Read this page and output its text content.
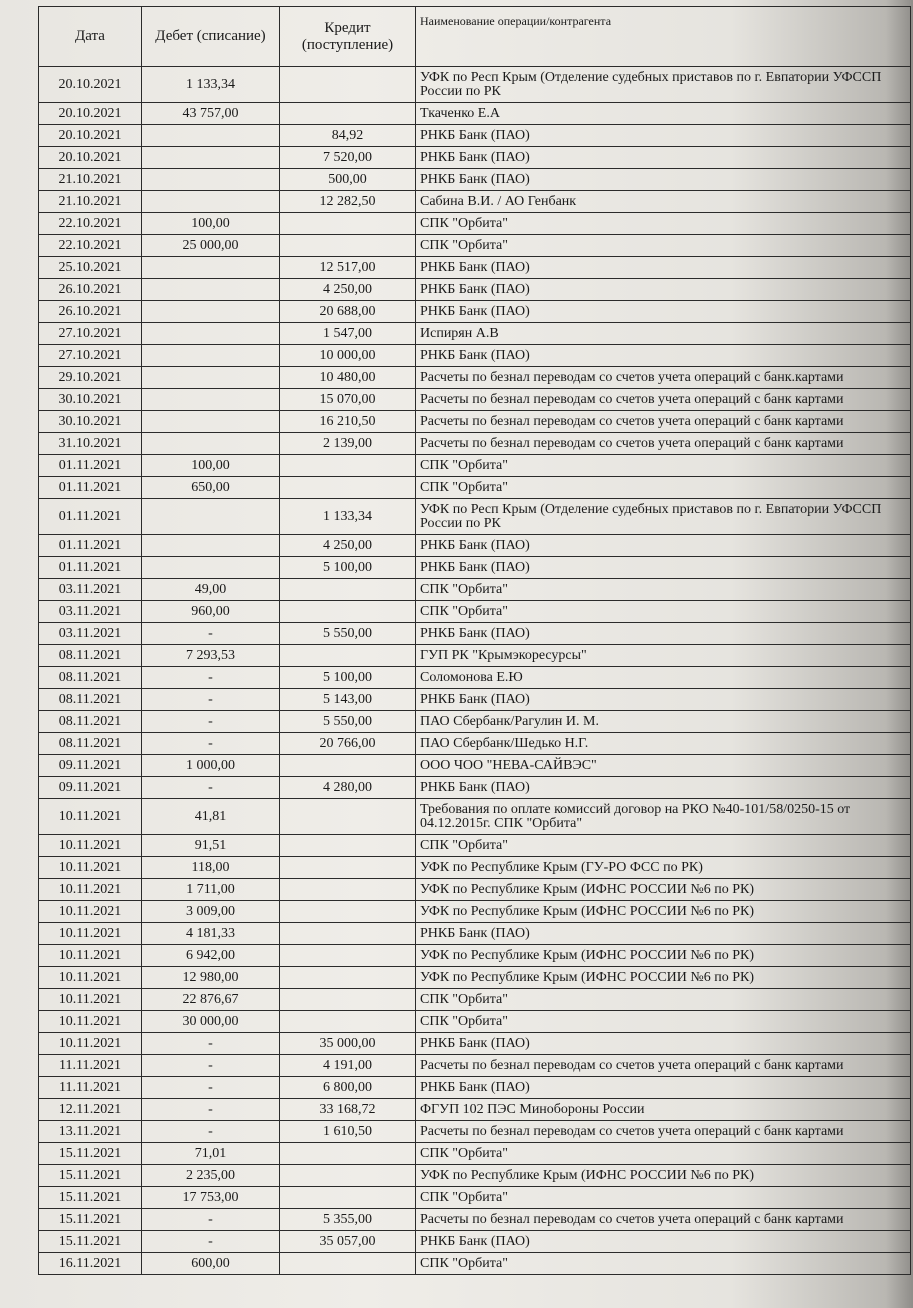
Дата	Дебет (списание)	Кредит (поступление)	Наименование операции/контрагента
20.10.2021	1 133,34		УФК по Респ Крым (Отделение судебных приставов по г. Евпатории УФССП России по РК
20.10.2021	43 757,00		Ткаченко Е.А
20.10.2021		84,92	РНКБ Банк (ПАО)
20.10.2021		7 520,00	РНКБ Банк (ПАО)
21.10.2021		500,00	РНКБ Банк (ПАО)
21.10.2021		12 282,50	Сабина В.И. / АО Генбанк
22.10.2021	100,00		СПК "Орбита"
22.10.2021	25 000,00		СПК "Орбита"
25.10.2021		12 517,00	РНКБ Банк (ПАО)
26.10.2021		4 250,00	РНКБ Банк (ПАО)
26.10.2021		20 688,00	РНКБ Банк (ПАО)
27.10.2021		1 547,00	Испирян А.В
27.10.2021		10 000,00	РНКБ Банк (ПАО)
29.10.2021		10 480,00	Расчеты по безнал переводам со счетов учета операций с банк.картами
30.10.2021		15 070,00	Расчеты по безнал переводам со счетов учета операций с банк картами
30.10.2021		16 210,50	Расчеты по безнал переводам со счетов учета операций с банк картами
31.10.2021		2 139,00	Расчеты по безнал переводам со счетов учета операций с банк картами
01.11.2021	100,00		СПК "Орбита"
01.11.2021	650,00		СПК "Орбита"
01.11.2021		1 133,34	УФК по Респ Крым (Отделение судебных приставов по г. Евпатории УФССП России по РК
01.11.2021		4 250,00	РНКБ Банк (ПАО)
01.11.2021		5 100,00	РНКБ Банк (ПАО)
03.11.2021	49,00		СПК "Орбита"
03.11.2021	960,00		СПК "Орбита"
03.11.2021	-	5 550,00	РНКБ Банк (ПАО)
08.11.2021	7 293,53		ГУП РК "Крымэкоресурсы"
08.11.2021	-	5 100,00	Соломонова Е.Ю
08.11.2021	-	5 143,00	РНКБ Банк (ПАО)
08.11.2021	-	5 550,00	ПАО Сбербанк/Рагулин И. М.
08.11.2021	-	20 766,00	ПАО Сбербанк/Шедько Н.Г.
09.11.2021	1 000,00		ООО ЧОО "НЕВА-САЙВЭС"
09.11.2021	-	4 280,00	РНКБ Банк (ПАО)
10.11.2021	41,81		Требования по оплате комиссий договор на РКО №40-101/58/0250-15 от 04.12.2015г. СПК "Орбита"
10.11.2021	91,51		СПК "Орбита"
10.11.2021	118,00		УФК по Республике Крым (ГУ-РО ФСС по РК)
10.11.2021	1 711,00		УФК по Республике Крым (ИФНС РОССИИ №6 по РК)
10.11.2021	3 009,00		УФК по Республике Крым (ИФНС РОССИИ №6 по РК)
10.11.2021	4 181,33		РНКБ Банк (ПАО)
10.11.2021	6 942,00		УФК по Республике Крым (ИФНС РОССИИ №6 по РК)
10.11.2021	12 980,00		УФК по Республике Крым (ИФНС РОССИИ №6 по РК)
10.11.2021	22 876,67		СПК "Орбита"
10.11.2021	30 000,00		СПК "Орбита"
10.11.2021	-	35 000,00	РНКБ Банк (ПАО)
11.11.2021	-	4 191,00	Расчеты по безнал переводам со счетов учета операций с банк картами
11.11.2021	-	6 800,00	РНКБ Банк (ПАО)
12.11.2021	-	33 168,72	ФГУП 102 ПЭС Минобороны России
13.11.2021	-	1 610,50	Расчеты по безнал переводам со счетов учета операций с банк картами
15.11.2021	71,01		СПК "Орбита"
15.11.2021	2 235,00		УФК по Республике Крым (ИФНС РОССИИ №6 по РК)
15.11.2021	17 753,00		СПК "Орбита"
15.11.2021	-	5 355,00	Расчеты по безнал переводам со счетов учета операций с банк картами
15.11.2021	-	35 057,00	РНКБ Банк (ПАО)
16.11.2021	600,00		СПК "Орбита"
